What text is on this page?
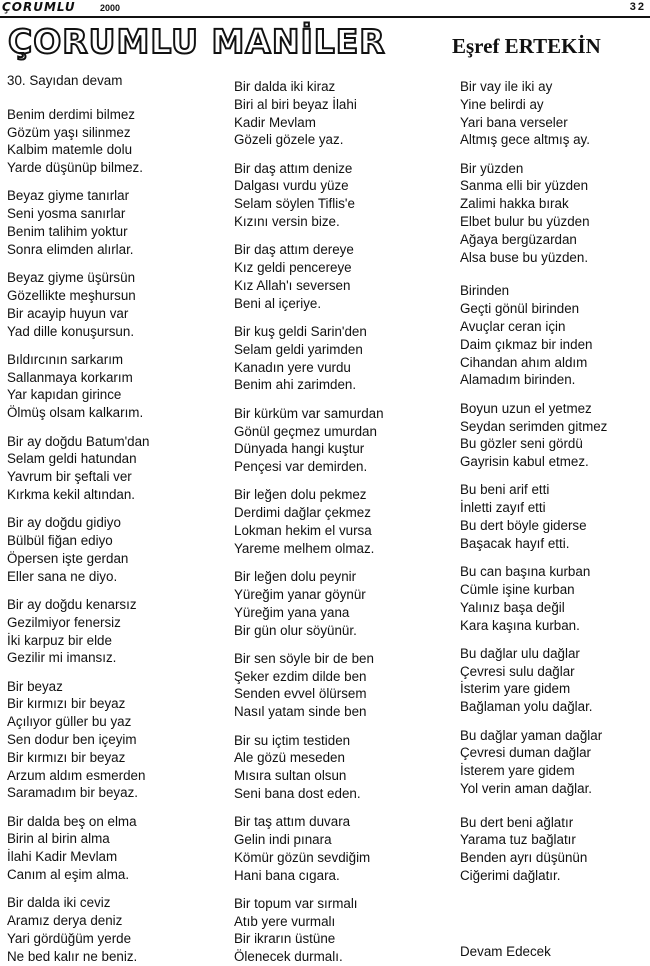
ÇORUMLU	2000	32
ÇORUMLU MANİLER	Eşref ERTEKİN
30. Sayıdan devam
Benim derdimi bilmez
Gözüm yaşı silinmez
Kalbim matemle dolu
Yarde düşünüp bilmez.
Beyaz giyme tanırlar
Seni yosma sanırlar
Benim talihim yoktur
Sonra elimden alırlar.
Beyaz giyme üşürsün
Gözellikte meşhursun
Bir acayip huyun var
Yad dille konuşursun.
Bıldırcının sarkarım
Sallanmaya korkarım
Yar kapıdan girince
Ölmüş olsam kalkarım.
Bir ay doğdu Batum'dan
Selam geldi hatundan
Yavrum bir şeftali ver
Kırkma kekil altından.
Bir ay doğdu gidiyo
Bülbül fiğan ediyo
Öpersen işte gerdan
Eller sana ne diyo.
Bir ay doğdu kenarsız
Gezilmiyor fenersiz
İki karpuz bir elde
Gezilir mi imansız.
Bir beyaz
Bir kırmızı bir beyaz
Açılıyor güller bu yaz
Sen dodur ben içeyim
Bir kırmızı bir beyaz
Arzum aldım esmerden
Saramadım bir beyaz.
Bir dalda beş on elma
Birin al birin alma
İlahi Kadir Mevlam
Canım al eşim alma.
Bir dalda iki ceviz
Aramız derya deniz
Yari gördüğüm yerde
Ne bed kalır ne beniz.
Bir dalda iki kiraz
Biri al biri beyaz İlahi
Kadir Mevlam
Gözeli gözele yaz.
Bir daş attım denize
Dalgası vurdu yüze
Selam söylen Tiflis'e
Kızını versin bize.
Bir daş attım dereye
Kız geldi pencereye
Kız Allah'ı seversen
Beni al içeriye.
Bir kuş geldi Sarin'den
Selam geldi yarimden
Kanadın yere vurdu
Benim ahi zarimden.
Bir kürküm var samurdan
Gönül geçmez umurdan
Dünyada hangi kuştur
Pençesi var demirden.
Bir leğen dolu pekmez
Derdimi dağlar çekmez
Lokman hekim el vursa
Yareme melhem olmaz.
Bir leğen dolu peynir
Yüreğim yanar göynür
Yüreğim yana yana
Bir gün olur söyünür.
Bir sen söyle bir de ben
Şeker ezdim dilde ben
Senden evvel ölürsem
Nasıl yatam sinde ben
Bir su içtim testiden
Ale gözü meseden
Mısıra sultan olsun
Seni bana dost eden.
Bir taş attım duvara
Gelin indi pınara
Kömür gözün sevdiğim
Hani bana cıgara.
Bir topum var sırmalı
Atıb yere vurmalı
Bir ikrarın üstüne
Ölenecek durmalı.
Bir vay ile iki ay
Yine belirdi ay
Yari bana verseler
Altmış gece altmış ay.
Bir yüzden
Sanma elli bir yüzden
Zalimi hakka bırak
Elbet bulur bu yüzden
Ağaya bergüzardan
Alsa buse bu yüzden.
Birinden
Geçti gönül birinden
Avuçlar ceran için
Daim çıkmaz bir inden
Cihandan ahım aldım
Alamadım birinden.
Boyun uzun el yetmez
Seydan serimden gitmez
Bu gözler seni gördü
Gayrisin kabul etmez.
Bu beni arif etti
İnletti zayıf etti
Bu dert böyle giderse
Başacak hayıf etti.
Bu can başına kurban
Cümle işine kurban
Yalınız başa değil
Kara kaşına kurban.
Bu dağlar ulu dağlar
Çevresi sulu dağlar
İsterim yare gidem
Bağlaman yolu dağlar.
Bu dağlar yaman dağlar
Çevresi duman dağlar
İsterem yare gidem
Yol verin aman dağlar.
Bu dert beni ağlatır
Yarama tuz bağlatır
Benden ayrı düşünün
Ciğerimi dağlatır.
Devam Edecek
